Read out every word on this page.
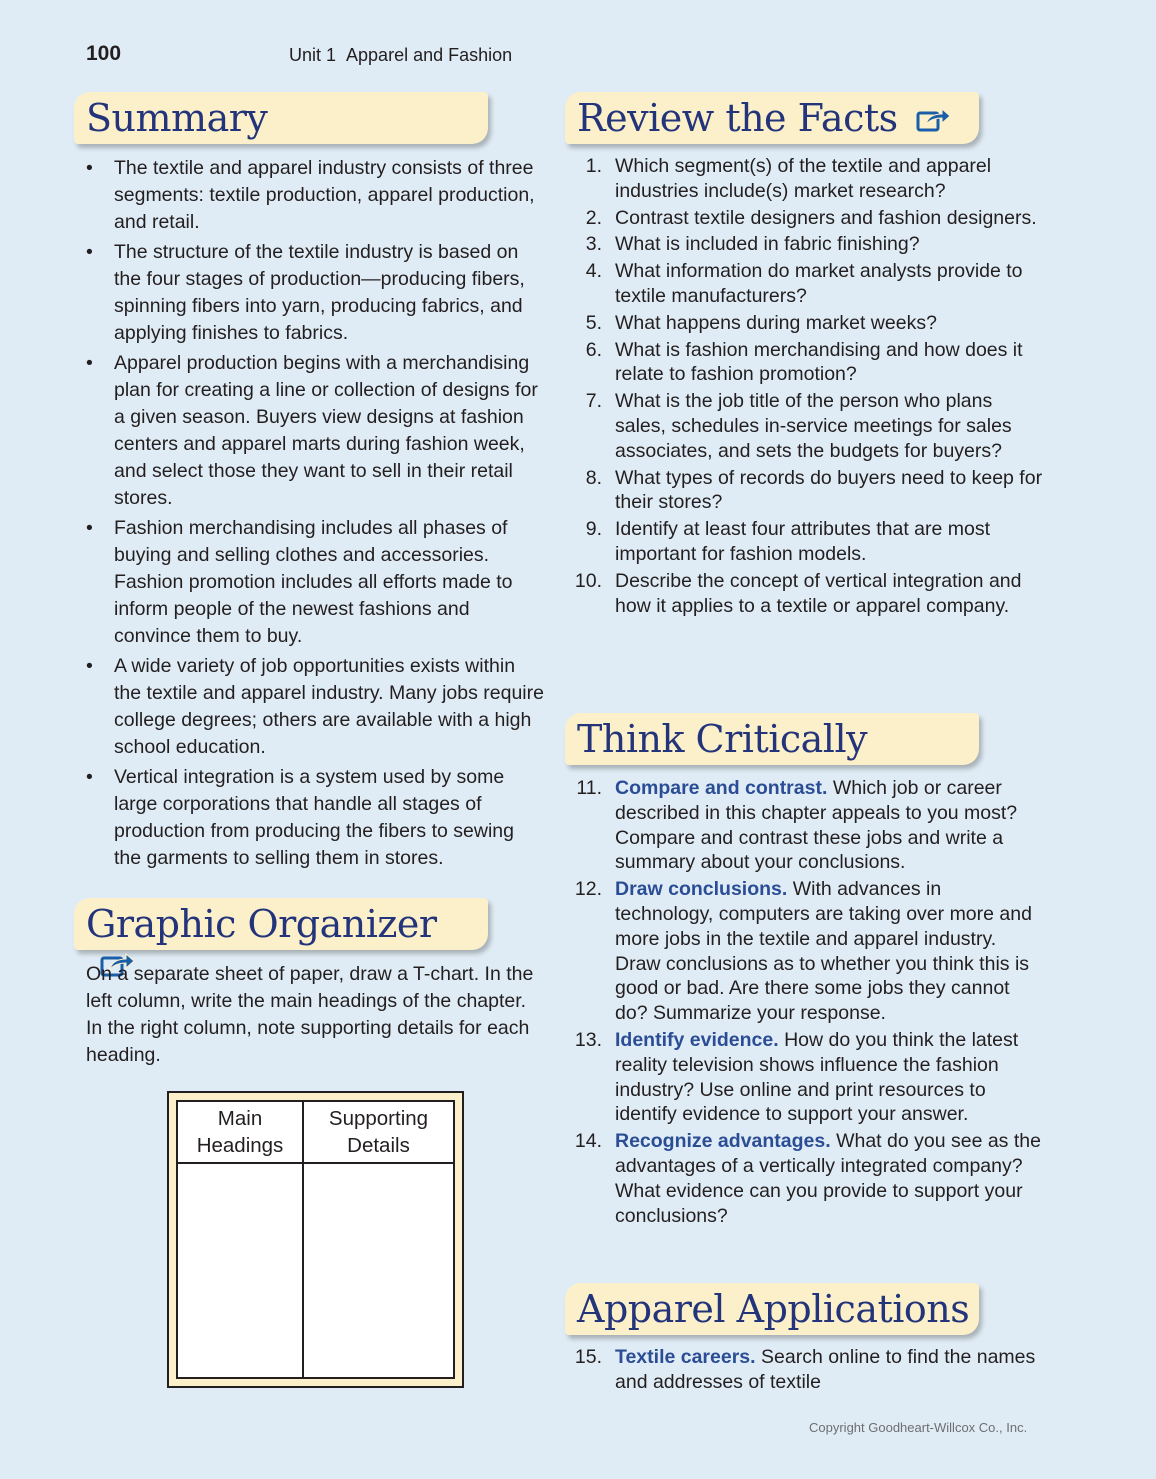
100	Unit 1 Apparel and Fashion
Summary
• The textile and apparel industry consists of three segments: textile production, apparel production, and retail.
• The structure of the textile industry is based on the four stages of production—producing fibers, spinning fibers into yarn, producing fabrics, and applying finishes to fabrics.
• Apparel production begins with a merchandising plan for creating a line or collection of designs for a given season. Buyers view designs at fashion centers and apparel marts during fashion week, and select those they want to sell in their retail stores.
• Fashion merchandising includes all phases of buying and selling clothes and accessories. Fashion promotion includes all efforts made to inform people of the newest fashions and convince them to buy.
• A wide variety of job opportunities exists within the textile and apparel industry. Many jobs require college degrees; others are available with a high school education.
• Vertical integration is a system used by some large corporations that handle all stages of production from producing the fibers to sewing the garments to selling them in stores.
Graphic Organizer
On a separate sheet of paper, draw a T-chart. In the left column, write the main headings of the chapter. In the right column, note supporting details for each heading.
Main
Headings
Supporting
Details
Review the Facts
1. Which segment(s) of the textile and apparel industries include(s) market research?
2. Contrast textile designers and fashion designers.
3. What is included in fabric finishing?
4. What information do market analysts provide to textile manufacturers?
5. What happens during market weeks?
6. What is fashion merchandising and how does it relate to fashion promotion?
7. What is the job title of the person who plans sales, schedules in-service meetings for sales associates, and sets the budgets for buyers?
8. What types of records do buyers need to keep for their stores?
9. Identify at least four attributes that are most important for fashion models.
10. Describe the concept of vertical integration and how it applies to a textile or apparel company.
Think Critically
11. Compare and contrast. Which job or career described in this chapter appeals to you most? Compare and contrast these jobs and write a summary about your conclusions.
12. Draw conclusions. With advances in technology, computers are taking over more and more jobs in the textile and apparel industry. Draw conclusions as to whether you think this is good or bad. Are there some jobs they cannot do? Summarize your response.
13. Identify evidence. How do you think the latest reality television shows influence the fashion industry? Use online and print resources to identify evidence to support your answer.
14. Recognize advantages. What do you see as the advantages of a vertically integrated company? What evidence can you provide to support your conclusions?
Apparel Applications
15. Textile careers. Search online to find the names and addresses of textile
Copyright Goodheart-Willcox Co., Inc.
